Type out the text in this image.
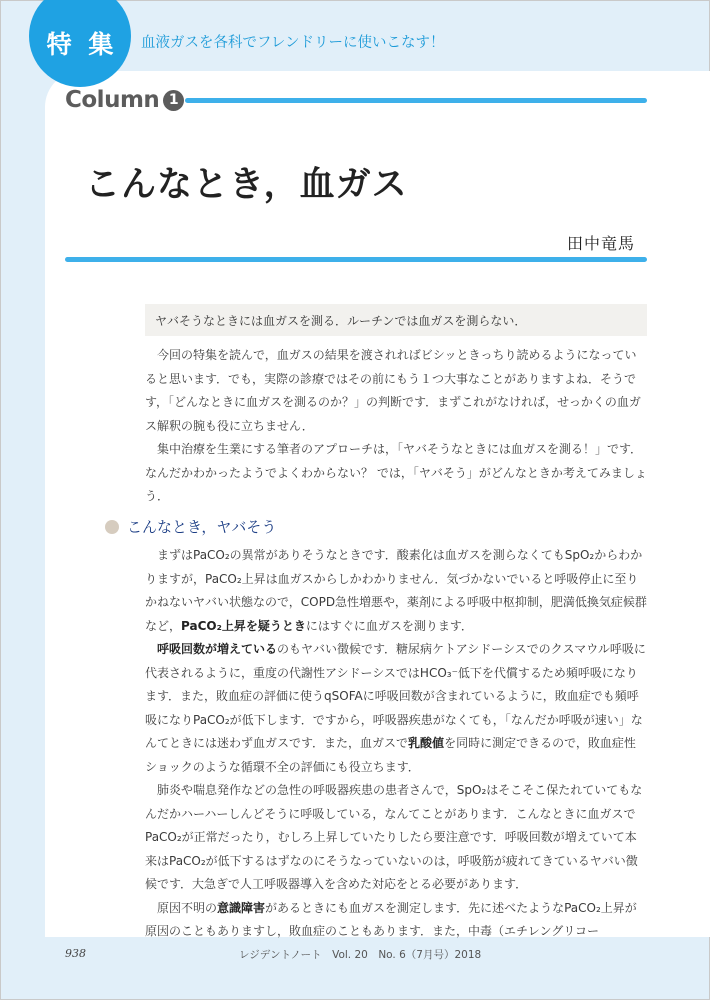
特 集 血液ガスを各科でフレンドリーに使いこなす！
Column 1
こんなとき，血ガス
田中竜馬
ヤバそうなときには血ガスを測る．ルーチンでは血ガスを測らない．

今回の特集を読んで，血ガスの結果を渡されればビシッときっちり読めるようになっていると思います．でも，実際の診療ではその前にもう１つ大事なことがありますよね．そうです，「どんなときに血ガスを測るのか？」の判断です．まずこれがなければ，せっかくの血ガス解釈の腕も役に立ちません．

集中治療を生業にする筆者のアプローチは，「ヤバそうなときには血ガスを測る！」です．なんだかわかったようでよくわからない？ では，「ヤバそう」がどんなときか考えてみましょう．

こんなとき，ヤバそう

まずはPaCO₂の異常がありそうなときです．酸素化は血ガスを測らなくてもSpO₂からわかりますが，PaCO₂上昇は血ガスからしかわかりません．気づかないでいると呼吸停止に至りかねないヤバい状態なので，COPD急性増悪や，薬剤による呼吸中枢抑制，肥満低換気症候群など，PaCO₂上昇を疑うときにはすぐに血ガスを測ります．

呼吸回数が増えているのもヤバい徴候です．糖尿病ケトアシドーシスでのクスマウル呼吸に代表されるように，重度の代謝性アシドーシスではHCO₃⁻低下を代償するため頻呼吸になります．また，敗血症の評価に使うqSOFAに呼吸回数が含まれているように，敗血症でも頻呼吸になりPaCO₂が低下します．ですから，呼吸器疾患がなくても，「なんだか呼吸が速い」なんてときには迷わず血ガスです．また，血ガスで乳酸値を同時に測定できるので，敗血症性ショックのような循環不全の評価にも役立ちます．

肺炎や喘息発作などの急性の呼吸器疾患の患者さんで，SpO₂はそこそこ保たれていてもなんだかハーハーしんどそうに呼吸している，なんてことがあります．こんなときに血ガスでPaCO₂が正常だったり，むしろ上昇していたりしたら要注意です．呼吸回数が増えていて本来はPaCO₂が低下するはずなのにそうなっていないのは，呼吸筋が疲れてきているヤバい徴候です．大急ぎで人工呼吸器導入を含めた対応をとる必要があります．

原因不明の意識障害があるときにも血ガスを測定します．先に述べたようなPaCO₂上昇が原因のこともありますし，敗血症のこともあります．また，中毒（エチレングリコー

938	レジデントノート　Vol. 20　No. 6（7月号）2018
